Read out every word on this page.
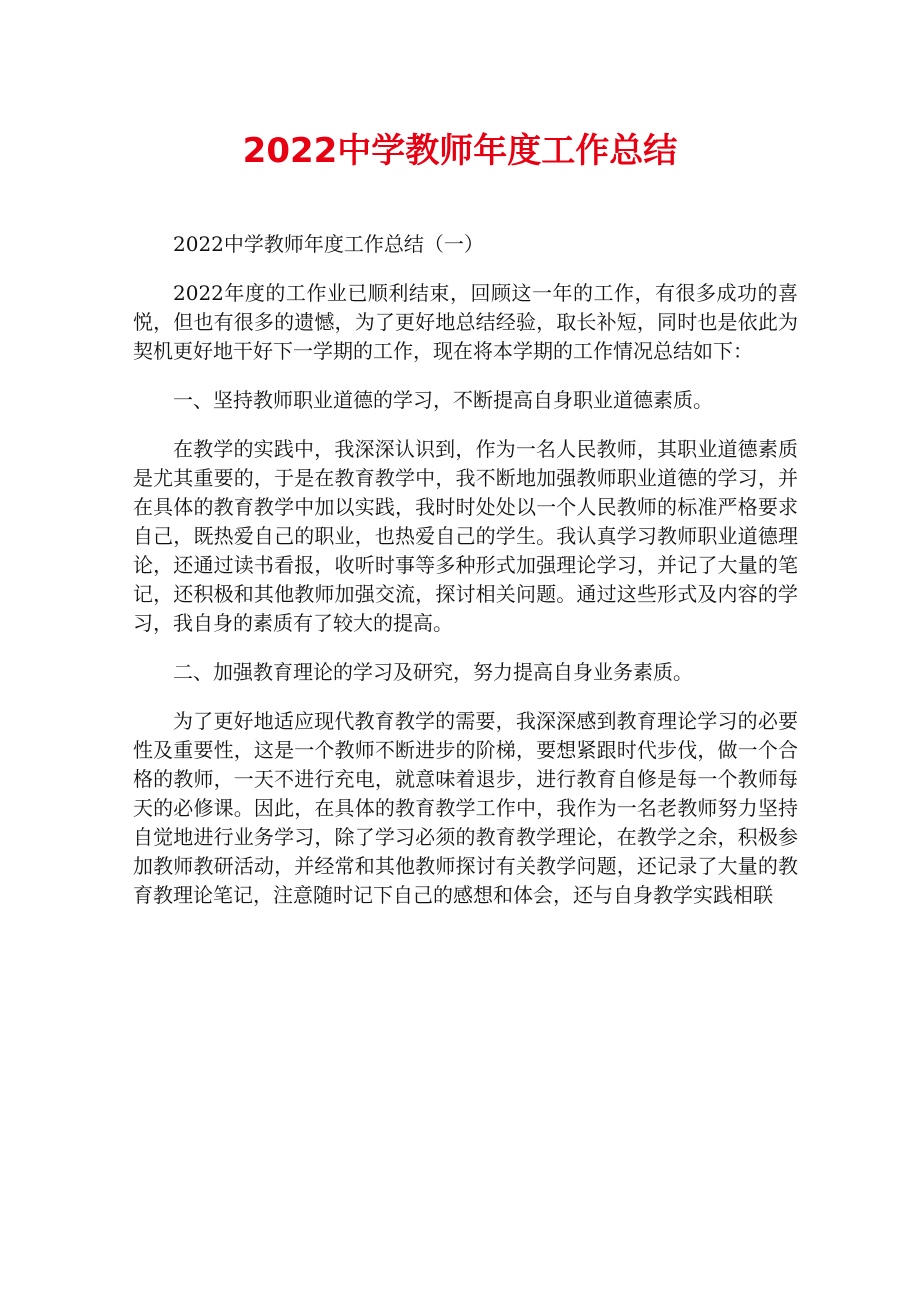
2022中学教师年度工作总结

2022中学教师年度工作总结（一）

2022年度的工作业已顺利结束，回顾这一年的工作，有很多成功的喜悦，但也有很多的遗憾，为了更好地总结经验，取长补短，同时也是依此为契机更好地干好下一学期的工作，现在将本学期的工作情况总结如下：

一、坚持教师职业道德的学习，不断提高自身职业道德素质。

在教学的实践中，我深深认识到，作为一名人民教师，其职业道德素质是尤其重要的，于是在教育教学中，我不断地加强教师职业道德的学习，并在具体的教育教学中加以实践，我时时处处以一个人民教师的标准严格要求自己，既热爱自己的职业，也热爱自己的学生。我认真学习教师职业道德理论，还通过读书看报，收听时事等多种形式加强理论学习，并记了大量的笔记，还积极和其他教师加强交流，探讨相关问题。通过这些形式及内容的学习，我自身的素质有了较大的提高。

二、加强教育理论的学习及研究，努力提高自身业务素质。

为了更好地适应现代教育教学的需要，我深深感到教育理论学习的必要性及重要性，这是一个教师不断进步的阶梯，要想紧跟时代步伐，做一个合格的教师，一天不进行充电，就意味着退步，进行教育自修是每一个教师每天的必修课。因此，在具体的教育教学工作中，我作为一名老教师努力坚持自觉地进行业务学习，除了学习必须的教育教学理论，在教学之余，积极参加教师教研活动，并经常和其他教师探讨有关教学问题，还记录了大量的教育教理论笔记，注意随时记下自己的感想和体会，还与自身教学实践相联
